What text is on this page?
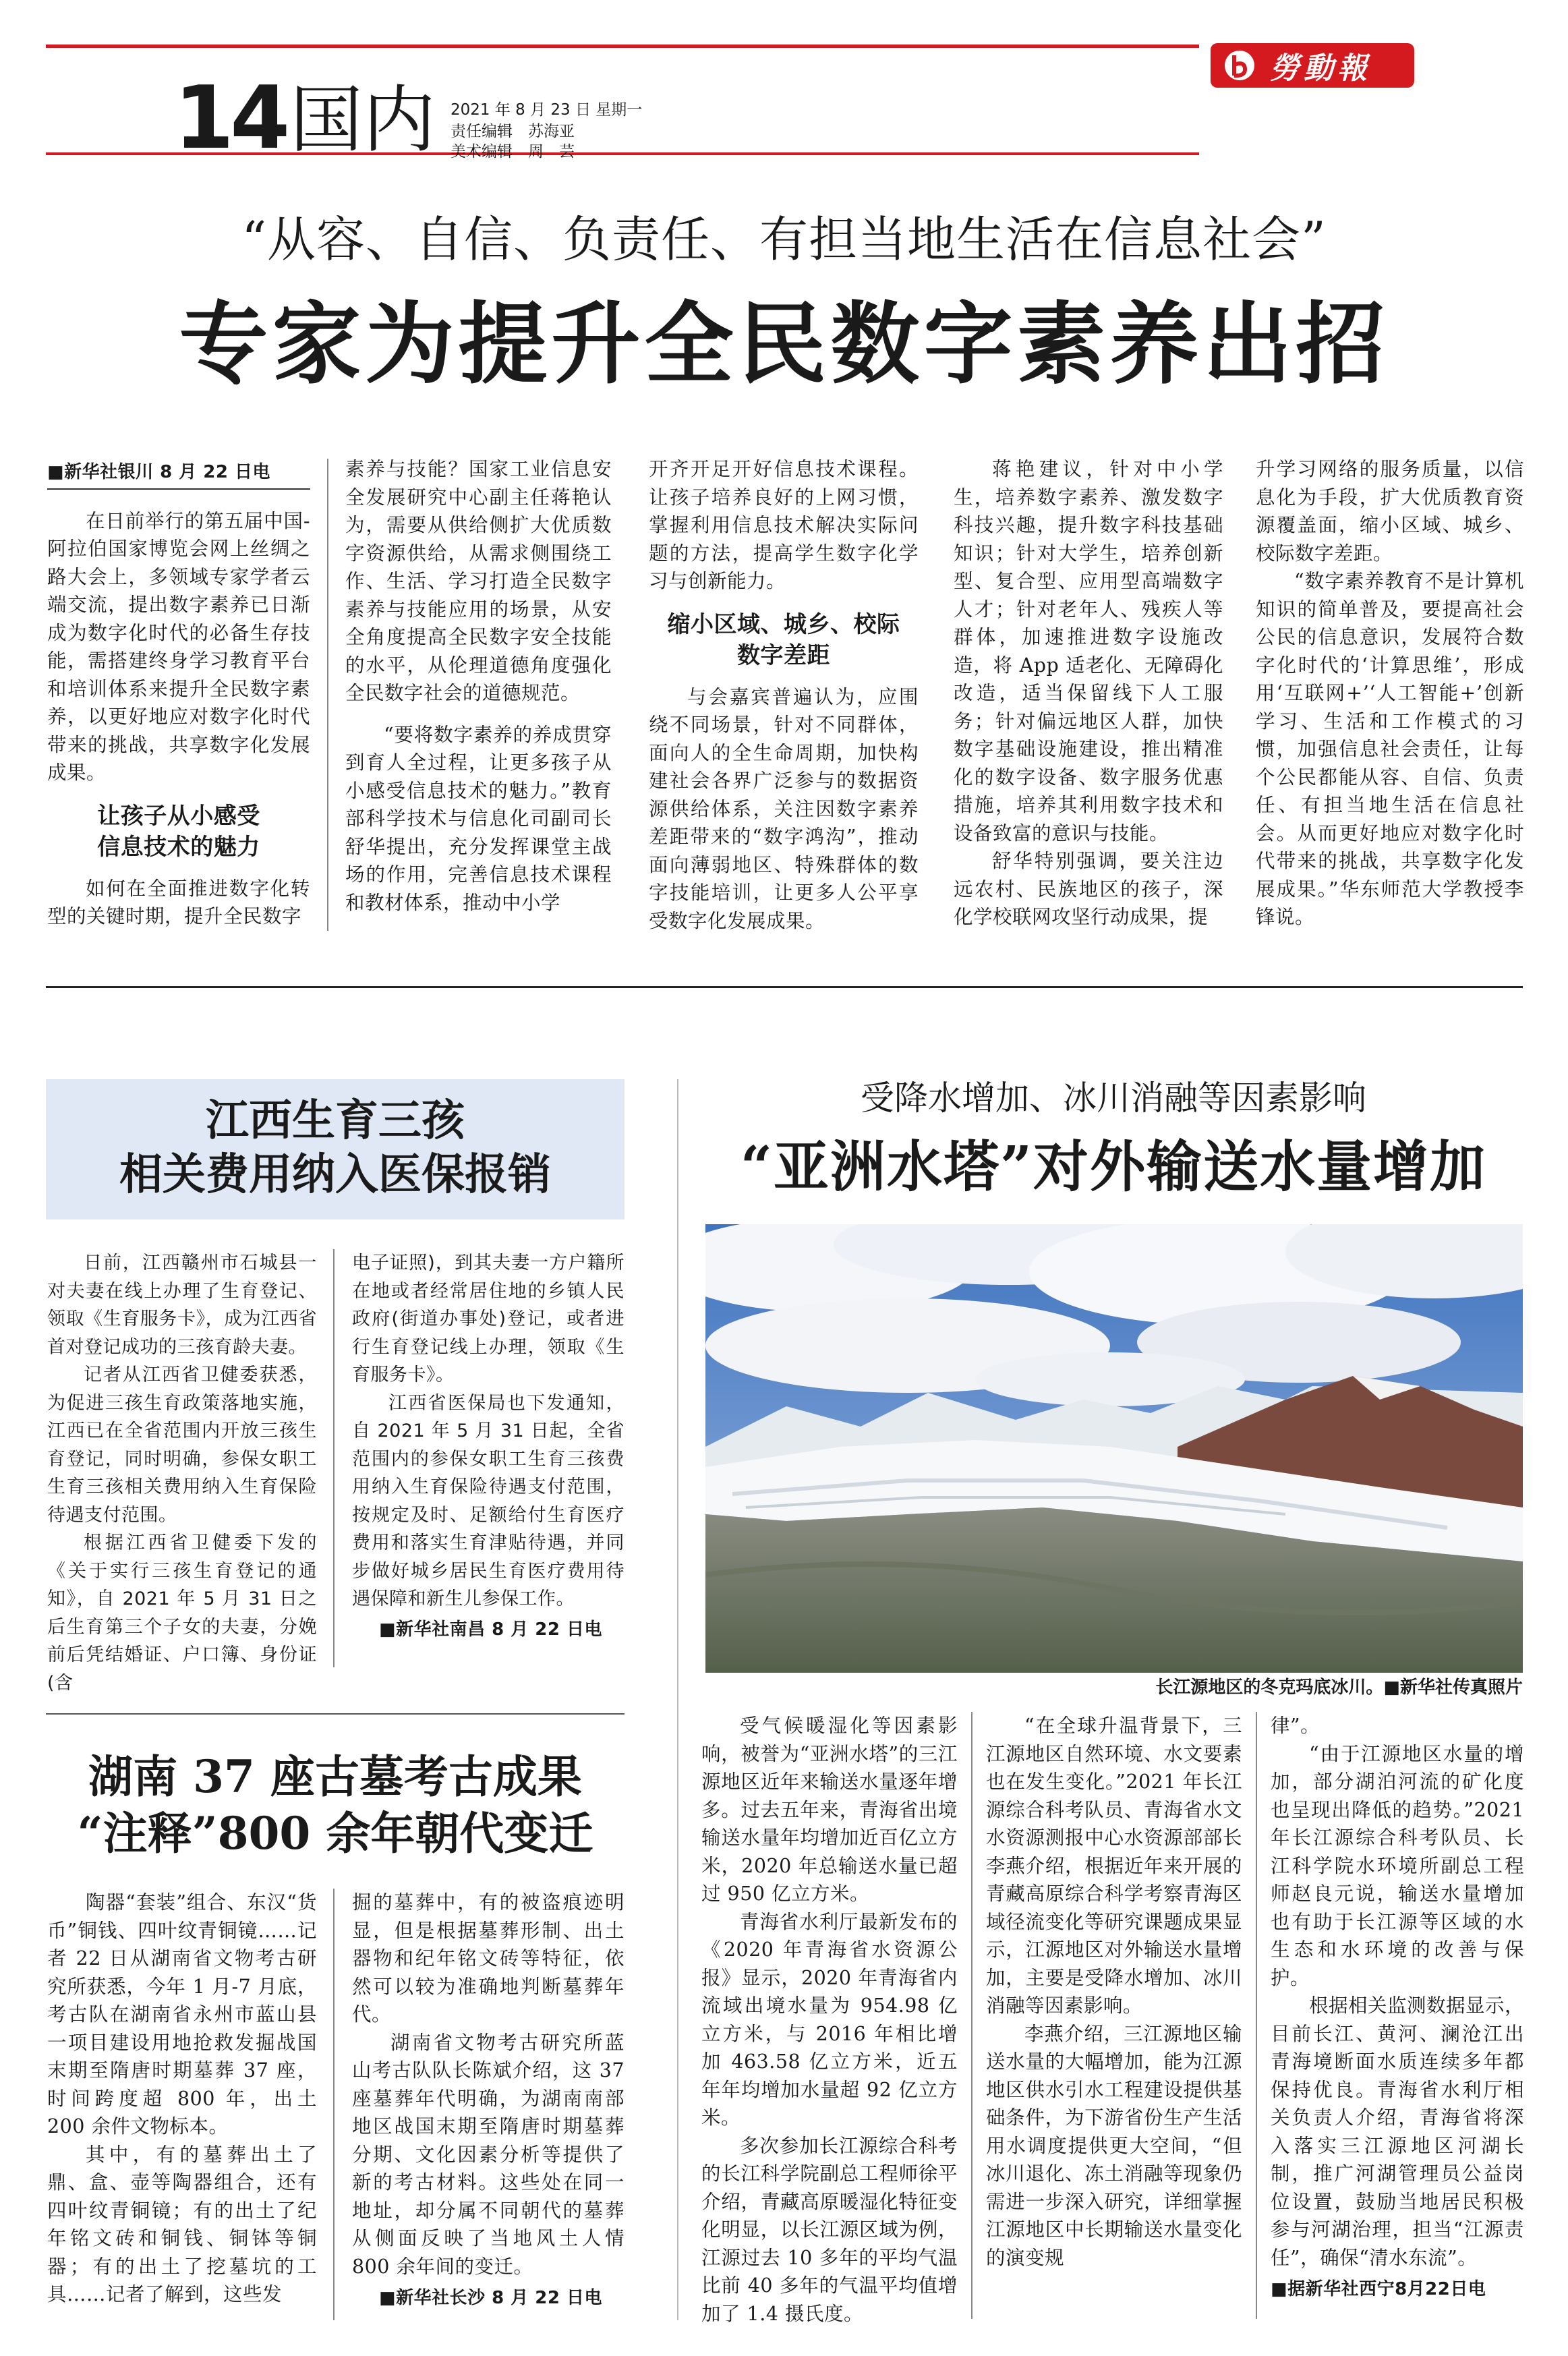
14 国内 2021 年 8 月 23 日 星期一
责任编辑　苏海亚
美术编辑　周　芸
勞動報
“从容、自信、负责任、有担当地生活在信息社会”
专家为提升全民数字素养出招
■新华社银川 8 月 22 日电

在日前举行的第五届中国-阿拉伯国家博览会网上丝绸之路大会上，多领域专家学者云端交流，提出数字素养已日渐成为数字化时代的必备生存技能，需搭建终身学习教育平台和培训体系来提升全民数字素养，以更好地应对数字化时代带来的挑战，共享数字化发展成果。

让孩子从小感受
信息技术的魅力

如何在全面推进数字化转型的关键时期，提升全民数字

素养与技能？国家工业信息安全发展研究中心副主任蒋艳认为，需要从供给侧扩大优质数字资源供给，从需求侧围绕工作、生活、学习打造全民数字素养与技能应用的场景，从安全角度提高全民数字安全技能的水平，从伦理道德角度强化全民数字社会的道德规范。

“要将数字素养的养成贯穿到育人全过程，让更多孩子从小感受信息技术的魅力。”教育部科学技术与信息化司副司长舒华提出，充分发挥课堂主战场的作用，完善信息技术课程和教材体系，推动中小学

开齐开足开好信息技术课程。让孩子培养良好的上网习惯，掌握利用信息技术解决实际问题的方法，提高学生数字化学习与创新能力。

缩小区域、城乡、校际
数字差距

与会嘉宾普遍认为，应围绕不同场景，针对不同群体，面向人的全生命周期，加快构建社会各界广泛参与的数据资源供给体系，关注因数字素养差距带来的“数字鸿沟”，推动面向薄弱地区、特殊群体的数字技能培训，让更多人公平享受数字化发展成果。

蒋艳建议，针对中小学生，培养数字素养、激发数字科技兴趣，提升数字科技基础知识；针对大学生，培养创新型、复合型、应用型高端数字人才；针对老年人、残疾人等群体，加速推进数字设施改造，将 App 适老化、无障碍化改造，适当保留线下人工服务；针对偏远地区人群，加快数字基础设施建设，推出精准化的数字设备、数字服务优惠措施，培养其利用数字技术和设备致富的意识与技能。

舒华特别强调，要关注边远农村、民族地区的孩子，深化学校联网攻坚行动成果，提

升学习网络的服务质量，以信息化为手段，扩大优质教育资源覆盖面，缩小区域、城乡、校际数字差距。

“数字素养教育不是计算机知识的简单普及，要提高社会公民的信息意识，发展符合数字化时代的‘计算思维’，形成用‘互联网+’‘人工智能+’创新学习、生活和工作模式的习惯，加强信息社会责任，让每个公民都能从容、自信、负责任、有担当地生活在信息社会。从而更好地应对数字化时代带来的挑战，共享数字化发展成果。”华东师范大学教授李锋说。

江西生育三孩
相关费用纳入医保报销

日前，江西赣州市石城县一对夫妻在线上办理了生育登记、领取《生育服务卡》，成为江西省首对登记成功的三孩育龄夫妻。

记者从江西省卫健委获悉，为促进三孩生育政策落地实施，江西已在全省范围内开放三孩生育登记，同时明确，参保女职工生育三孩相关费用纳入生育保险待遇支付范围。

根据江西省卫健委下发的《关于实行三孩生育登记的通知》，自 2021 年 5 月 31 日之后生育第三个子女的夫妻，分娩前后凭结婚证、户口簿、身份证(含

电子证照)，到其夫妻一方户籍所在地或者经常居住地的乡镇人民政府(街道办事处)登记，或者进行生育登记线上办理，领取《生育服务卡》。

江西省医保局也下发通知，自 2021 年 5 月 31 日起，全省范围内的参保女职工生育三孩费用纳入生育保险待遇支付范围，按规定及时、足额给付生育医疗费用和落实生育津贴待遇，并同步做好城乡居民生育医疗费用待遇保障和新生儿参保工作。

■新华社南昌 8 月 22 日电
湖南 37 座古墓考古成果
“注释”800 余年朝代变迁

陶器“套装”组合、东汉“货币”铜钱、四叶纹青铜镜……记者 22 日从湖南省文物考古研究所获悉，今年 1 月-7 月底，考古队在湖南省永州市蓝山县一项目建设用地抢救发掘战国末期至隋唐时期墓葬 37 座，时间跨度超 800 年，出土 200 余件文物标本。

其中，有的墓葬出土了鼎、盒、壶等陶器组合，还有四叶纹青铜镜；有的出土了纪年铭文砖和铜钱、铜钵等铜器；有的出土了挖墓坑的工具……记者了解到，这些发

掘的墓葬中，有的被盗痕迹明显，但是根据墓葬形制、出土器物和纪年铭文砖等特征，依然可以较为准确地判断墓葬年代。

湖南省文物考古研究所蓝山考古队队长陈斌介绍，这 37 座墓葬年代明确，为湖南南部地区战国末期至隋唐时期墓葬分期、文化因素分析等提供了新的考古材料。这些处在同一地址，却分属不同朝代的墓葬从侧面反映了当地风土人情 800 余年间的变迁。

■新华社长沙 8 月 22 日电
受降水增加、冰川消融等因素影响
“亚洲水塔”对外输送水量增加
长江源地区的冬克玛底冰川。■新华社传真照片

受气候暖湿化等因素影响，被誉为“亚洲水塔”的三江源地区近年来输送水量逐年增多。过去五年来，青海省出境输送水量年均增加近百亿立方米，2020 年总输送水量已超过 950 亿立方米。

青海省水利厅最新发布的《2020 年青海省水资源公报》显示，2020 年青海省内流域出境水量为 954.98 亿立方米，与 2016 年相比增加 463.58 亿立方米，近五年年均增加水量超 92 亿立方米。

多次参加长江源综合科考的长江科学院副总工程师徐平介绍，青藏高原暖湿化特征变化明显，以长江源区域为例，江源过去 10 多年的平均气温比前 40 多年的气温平均值增加了 1.4 摄氏度。

“在全球升温背景下，三江源地区自然环境、水文要素也在发生变化。”2021 年长江源综合科考队员、青海省水文水资源测报中心水资源部部长李燕介绍，根据近年来开展的青藏高原综合科学考察青海区域径流变化等研究课题成果显示，江源地区对外输送水量增加，主要是受降水增加、冰川消融等因素影响。

李燕介绍，三江源地区输送水量的大幅增加，能为江源地区供水引水工程建设提供基础条件，为下游省份生产生活用水调度提供更大空间，“但冰川退化、冻土消融等现象仍需进一步深入研究，详细掌握江源地区中长期输送水量变化的演变规

律”。

“由于江源地区水量的增加，部分湖泊河流的矿化度也呈现出降低的趋势。”2021 年长江源综合科考队员、长江科学院水环境所副总工程师赵良元说，输送水量增加也有助于长江源等区域的水生态和水环境的改善与保护。

根据相关监测数据显示，目前长江、黄河、澜沧江出青海境断面水质连续多年都保持优良。青海省水利厅相关负责人介绍，青海省将深入落实三江源地区河湖长制，推广河湖管理员公益岗位设置，鼓励当地居民积极参与河湖治理，担当“江源责任”，确保“清水东流”。

■据新华社西宁8月22日电
